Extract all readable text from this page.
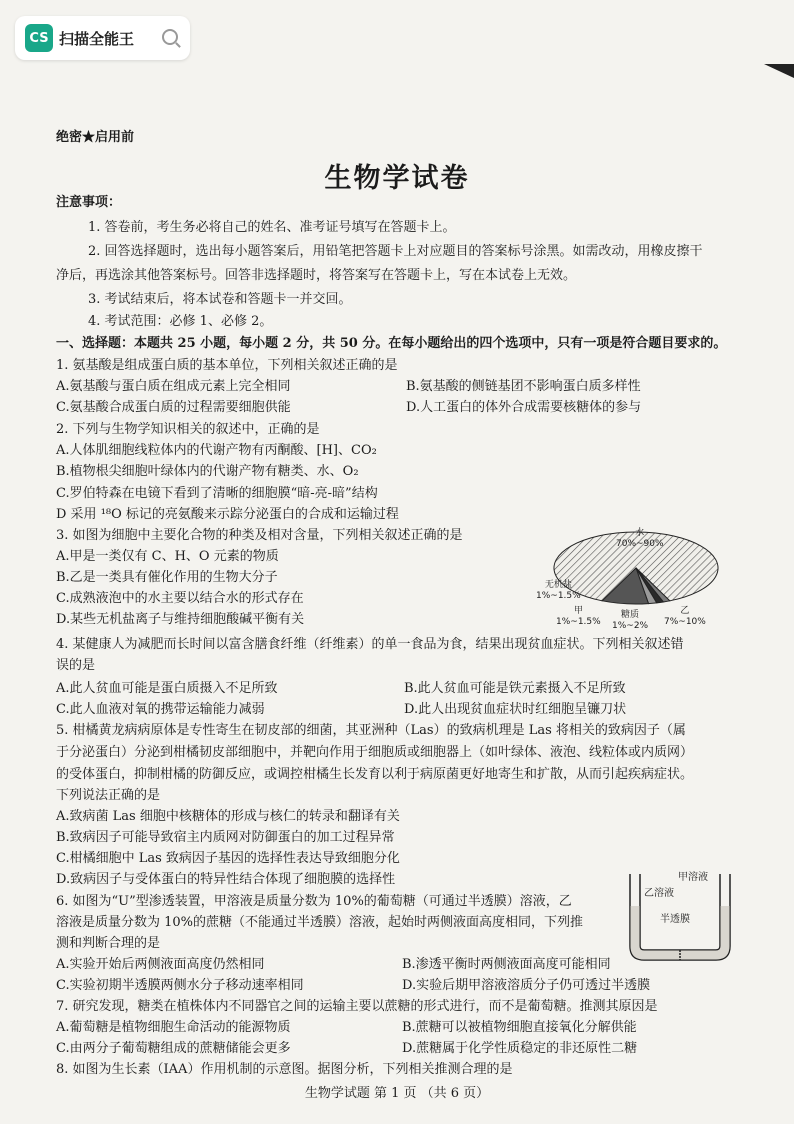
CS 扫描全能王
绝密★启用前
生物学试卷
注意事项：
1. 答卷前，考生务必将自己的姓名、准考证号填写在答题卡上。
2. 回答选择题时，选出每小题答案后，用铅笔把答题卡上对应题目的答案标号涂黑。如需改动，用橡皮擦干
净后，再选涂其他答案标号。回答非选择题时，将答案写在答题卡上，写在本试卷上无效。
3. 考试结束后，将本试卷和答题卡一并交回。
4. 考试范围：必修 1、必修 2。
一、选择题：本题共 25 小题，每小题 2 分，共 50 分。在每小题给出的四个选项中，只有一项是符合题目要求的。
1. 氨基酸是组成蛋白质的基本单位，下列相关叙述正确的是
A.氨基酸与蛋白质在组成元素上完全相同	B.氨基酸的侧链基团不影响蛋白质多样性
C.氨基酸合成蛋白质的过程需要细胞供能	D.人工蛋白的体外合成需要核糖体的参与
2. 下列与生物学知识相关的叙述中，正确的是
A.人体肌细胞线粒体内的代谢产物有丙酮酸、[H]、CO₂
B.植物根尖细胞叶绿体内的代谢产物有糖类、水、O₂
C.罗伯特森在电镜下看到了清晰的细胞膜“暗-亮-暗”结构
D 采用 ¹⁸O 标记的亮氨酸来示踪分泌蛋白的合成和运输过程
3. 如图为细胞中主要化合物的种类及相对含量，下列相关叙述正确的是
A.甲是一类仅有 C、H、O 元素的物质
B.乙是一类具有催化作用的生物大分子
C.成熟液泡中的水主要以结合水的形式存在
D.某些无机盐离子与维持细胞酸碱平衡有关
水
70%~90%
无机盐
1%~1.5%
甲
1%~1.5%
糖质
1%~2%
乙
7%~10%
4. 某健康人为减肥而长时间以富含膳食纤维（纤维素）的单一食品为食，结果出现贫血症状。下列相关叙述错
误的是
A.此人贫血可能是蛋白质摄入不足所致	B.此人贫血可能是铁元素摄入不足所致
C.此人血液对氧的携带运输能力减弱	D.此人出现贫血症状时红细胞呈镰刀状
5. 柑橘黄龙病病原体是专性寄生在韧皮部的细菌，其亚洲种（Las）的致病机理是 Las 将相关的致病因子（属
于分泌蛋白）分泌到柑橘韧皮部细胞中，并靶向作用于细胞质或细胞器上（如叶绿体、液泡、线粒体或内质网）
的受体蛋白，抑制柑橘的防御反应，或调控柑橘生长发育以利于病原菌更好地寄生和扩散，从而引起疾病症状。
下列说法正确的是
A.致病菌 Las 细胞中核糖体的形成与核仁的转录和翻译有关
B.致病因子可能导致宿主内质网对防御蛋白的加工过程异常
C.柑橘细胞中 Las 致病因子基因的选择性表达导致细胞分化
D.致病因子与受体蛋白的特异性结合体现了细胞膜的选择性
6. 如图为“U”型渗透装置，甲溶液是质量分数为 10%的葡萄糖（可通过半透膜）溶液，乙
溶液是质量分数为 10%的蔗糖（不能通过半透膜）溶液，起始时两侧液面高度相同，下列推
测和判断合理的是
A.实验开始后两侧液面高度仍然相同	B.渗透平衡时两侧液面高度可能相同
C.实验初期半透膜两侧水分子移动速率相同	D.实验后期甲溶液溶质分子仍可透过半透膜
甲溶液
乙溶液
半透膜
7. 研究发现，糖类在植株体内不同器官之间的运输主要以蔗糖的形式进行，而不是葡萄糖。推测其原因是
A.葡萄糖是植物细胞生命活动的能源物质	B.蔗糖可以被植物细胞直接氧化分解供能
C.由两分子葡萄糖组成的蔗糖储能会更多	D.蔗糖属于化学性质稳定的非还原性二糖
8. 如图为生长素（IAA）作用机制的示意图。据图分析，下列相关推测合理的是
生物学试题 第 1 页 （共 6 页）
